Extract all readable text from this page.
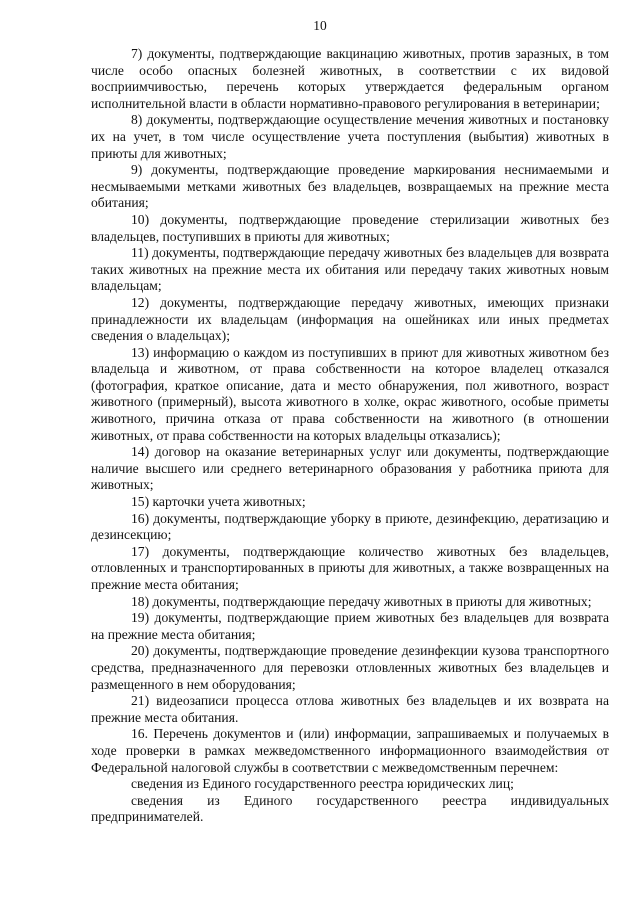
10

7) документы, подтверждающие вакцинацию животных, против заразных, в том числе особо опасных болезней животных, в соответствии с их видовой восприимчивостью, перечень которых утверждается федеральным органом исполнительной власти в области нормативно-правового регулирования в ветеринарии;

8) документы, подтверждающие осуществление мечения животных и постановку их на учет, в том числе осуществление учета поступления (выбытия) животных в приюты для животных;

9) документы, подтверждающие проведение маркирования неснимаемыми и несмываемыми метками животных без владельцев, возвращаемых на прежние места обитания;

10) документы, подтверждающие проведение стерилизации животных без владельцев, поступивших в приюты для животных;

11) документы, подтверждающие передачу животных без владельцев для возврата таких животных на прежние места их обитания или передачу таких животных новым владельцам;

12) документы, подтверждающие передачу животных, имеющих признаки принадлежности их владельцам (информация на ошейниках или иных предметах сведения о владельцах);

13) информацию о каждом из поступивших в приют для животных животном без владельца и животном, от права собственности на которое владелец отказался (фотография, краткое описание, дата и место обнаружения, пол животного, возраст животного (примерный), высота животного в холке, окрас животного, особые приметы животного, причина отказа от права собственности на животного (в отношении животных, от права собственности на которых владельцы отказались);

14) договор на оказание ветеринарных услуг или документы, подтверждающие наличие высшего или среднего ветеринарного образования у работника приюта для животных;

15) карточки учета животных;

16) документы, подтверждающие уборку в приюте, дезинфекцию, дератизацию и дезинсекцию;

17) документы, подтверждающие количество животных без владельцев, отловленных и транспортированных в приюты для животных, а также возвращенных на прежние места обитания;

18) документы, подтверждающие передачу животных в приюты для животных;

19) документы, подтверждающие прием животных без владельцев для возврата на прежние места обитания;

20) документы, подтверждающие проведение дезинфекции кузова транспортного средства, предназначенного для перевозки отловленных животных без владельцев и размещенного в нем оборудования;

21) видеозаписи процесса отлова животных без владельцев и их возврата на прежние места обитания.

16. Перечень документов и (или) информации, запрашиваемых и получаемых в ходе проверки в рамках межведомственного информационного взаимодействия от Федеральной налоговой службы в соответствии с межведомственным перечнем:

сведения из Единого государственного реестра юридических лиц;

сведения из Единого государственного реестра индивидуальных предпринимателей.
